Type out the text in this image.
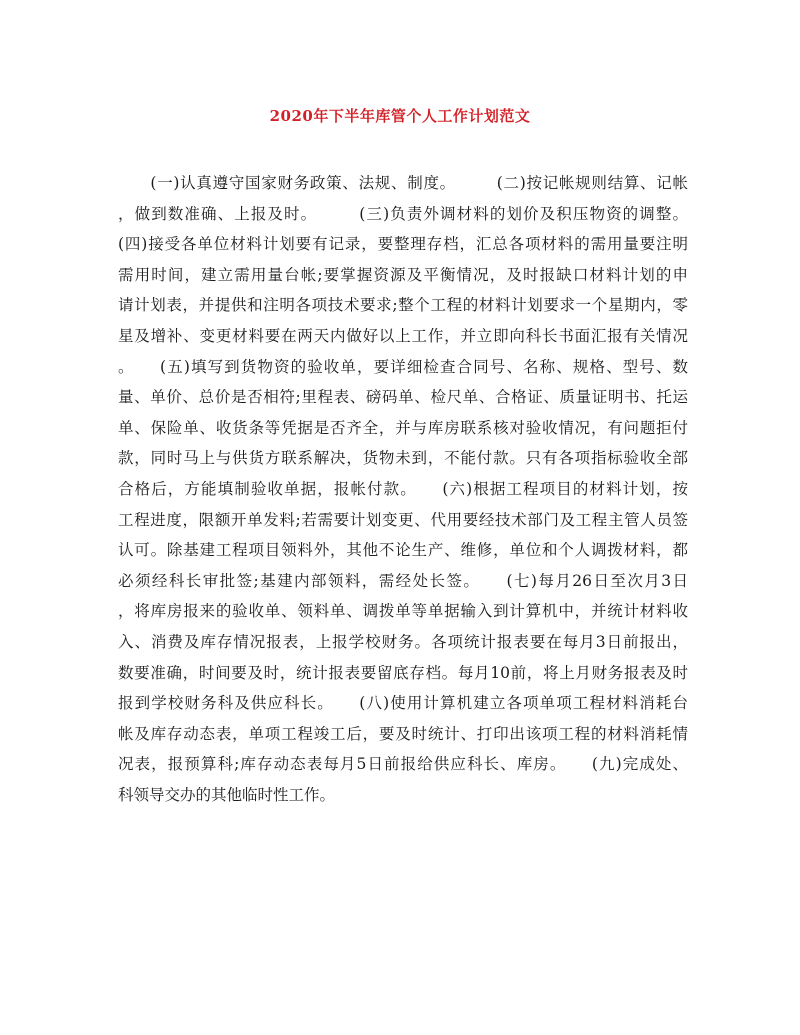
2020年下半年库管个人工作计划范文
　　(一)认真遵守国家财务政策、法规、制度。　　　(二)按记帐规则结算、记帐
，做到数准确、上报及时。　　　(三)负责外调材料的划价及积压物资的调整。
(四)接受各单位材料计划要有记录，要整理存档，汇总各项材料的需用量要注明
需用时间，建立需用量台帐;要掌握资源及平衡情况，及时报缺口材料计划的申
请计划表，并提供和注明各项技术要求;整个工程的材料计划要求一个星期内，零
星及增补、变更材料要在两天内做好以上工作，并立即向科长书面汇报有关情况
。　　(五)填写到货物资的验收单，要详细检查合同号、名称、规格、型号、数
量、单价、总价是否相符;里程表、磅码单、检尺单、合格证、质量证明书、托运
单、保险单、收货条等凭据是否齐全，并与库房联系核对验收情况，有问题拒付
款，同时马上与供货方联系解决，货物未到，不能付款。只有各项指标验收全部
合格后，方能填制验收单据，报帐付款。　　(六)根据工程项目的材料计划，按
工程进度，限额开单发料;若需要计划变更、代用要经技术部门及工程主管人员签
认可。除基建工程项目领料外，其他不论生产、维修，单位和个人调拨材料，都
必须经科长审批签;基建内部领料，需经处长签。　　(七)每月26日至次月3日
，将库房报来的验收单、领料单、调拨单等单据输入到计算机中，并统计材料收
入、消费及库存情况报表，上报学校财务。各项统计报表要在每月3日前报出，
数要准确，时间要及时，统计报表要留底存档。每月10前，将上月财务报表及时
报到学校财务科及供应科长。　　(八)使用计算机建立各项单项工程材料消耗台
帐及库存动态表，单项工程竣工后，要及时统计、打印出该项工程的材料消耗情
况表，报预算科;库存动态表每月5日前报给供应科长、库房。　　(九)完成处、
科领导交办的其他临时性工作。
